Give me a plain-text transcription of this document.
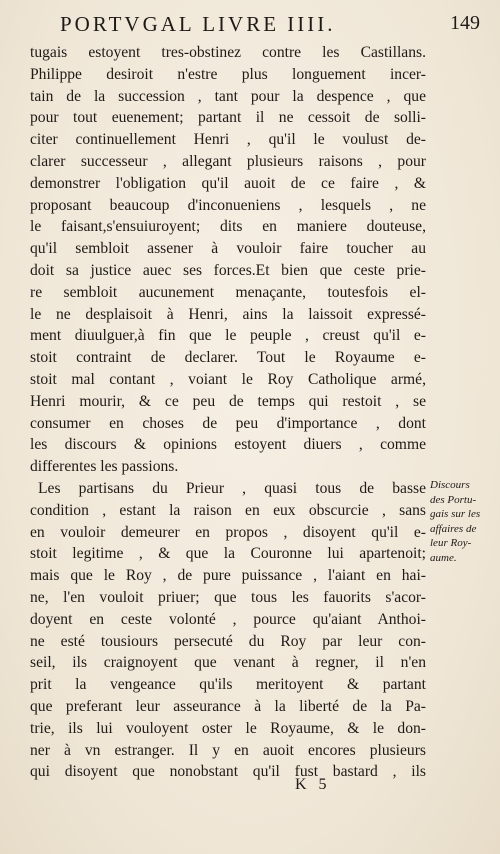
PORTVGAL LIVRE IIII.	149
tugais estoyent tres-obstinez contre les Castillans.
Philippe desiroit n'estre plus longuement incer-
tain de la succession , tant pour la despence , que
pour tout euenement; partant il ne cessoit de solli-
citer continuellement Henri , qu'il le voulust de-
clarer successeur , allegant plusieurs raisons , pour
demonstrer l'obligation qu'il auoit de ce faire , &
proposant beaucoup d'inconueniens , lesquels , ne
le faisant,s'ensuiuroyent; dits en maniere douteuse,
qu'il sembloit assener à vouloir faire toucher au
doit sa justice auec ses forces.Et bien que ceste prie-
re sembloit aucunement menaçante, toutesfois el-
le ne desplaisoit à Henri, ains la laissoit expressé-
ment diuulguer,à fin que le peuple , creust qu'il e-
stoit contraint de declarer. Tout le Royaume e-
stoit mal contant , voiant le Roy Catholique armé,
Henri mourir, & ce peu de temps qui restoit , se
consumer en choses de peu d'importance , dont
les discours & opinions estoyent diuers , comme
differentes les passions.
Les partisans du Prieur , quasi tous de basse
condition , estant la raison en eux obscurcie , sans
en vouloir demeurer en propos , disoyent qu'il e-
stoit legitime , & que la Couronne lui apartenoit;
mais que le Roy , de pure puissance , l'aiant en hai-
ne, l'en vouloit priuer; que tous les fauorits s'acor-
doyent en ceste volonté , pource qu'aiant Anthoi-
ne esté tousiours persecuté du Roy par leur con-
seil, ils craignoyent que venant à regner, il n'en
prit la vengeance qu'ils meritoyent & partant
que preferant leur asseurance à la liberté de la Pa-
trie, ils lui vouloyent oster le Royaume, & le don-
ner à vn estranger. Il y en auoit encores plusieurs
qui disoyent que nonobstant qu'il fust bastard , ils
Discours
des Portu-
gais sur les
affaires de
leur Roy-
aume.
K 5
